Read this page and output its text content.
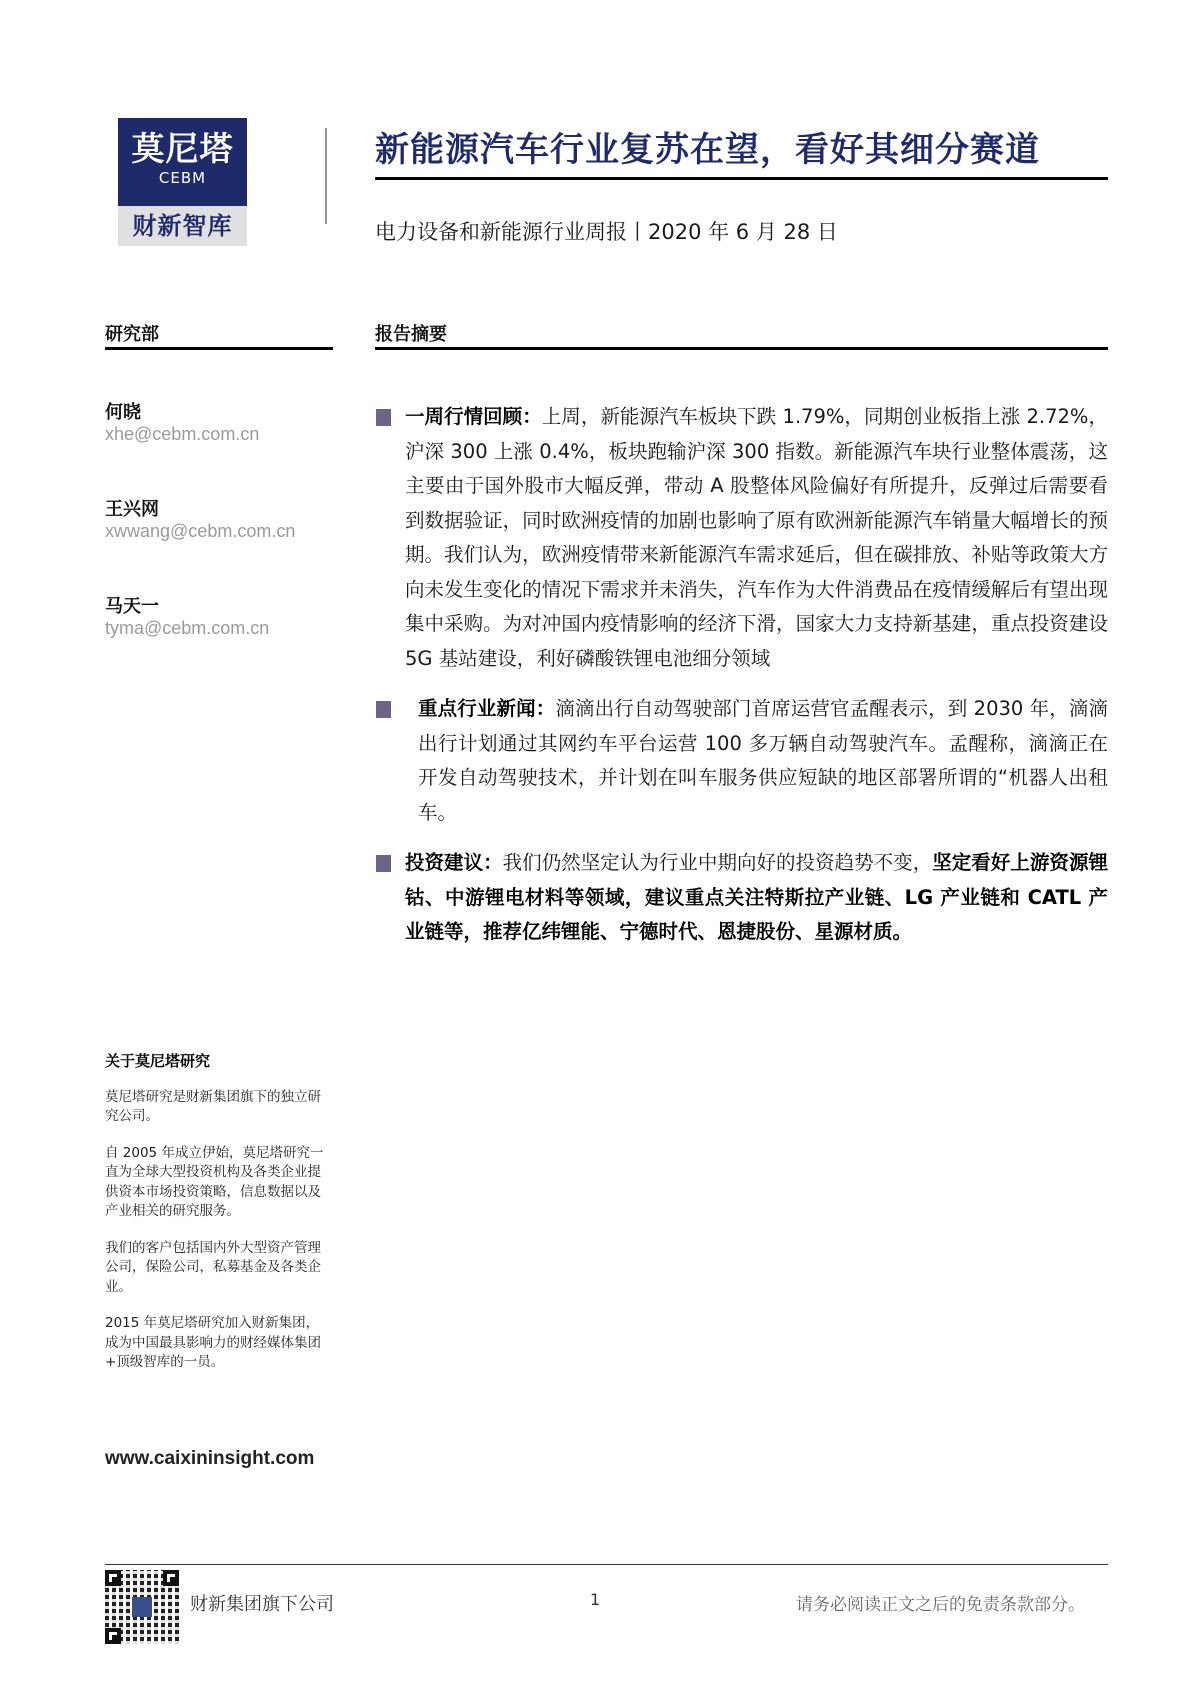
莫尼塔
CEBM
财新智库
新能源汽车行业复苏在望，看好其细分赛道
电力设备和新能源行业周报丨2020 年 6 月 28 日
研究部
何晓
xhe@cebm.com.cn
王兴网
xwwang@cebm.com.cn
马天一
tyma@cebm.com.cn
报告摘要
一周行情回顾：上周，新能源汽车板块下跌 1.79%，同期创业板指上涨 2.72%，沪深 300 上涨 0.4%，板块跑输沪深 300 指数。新能源汽车块行业整体震荡，这主要由于国外股市大幅反弹，带动 A 股整体风险偏好有所提升，反弹过后需要看到数据验证，同时欧洲疫情的加剧也影响了原有欧洲新能源汽车销量大幅增长的预期。我们认为，欧洲疫情带来新能源汽车需求延后，但在碳排放、补贴等政策大方向未发生变化的情况下需求并未消失，汽车作为大件消费品在疫情缓解后有望出现集中采购。为对冲国内疫情影响的经济下滑，国家大力支持新基建，重点投资建设 5G 基站建设，利好磷酸铁锂电池细分领域
重点行业新闻：滴滴出行自动驾驶部门首席运营官孟醒表示，到 2030 年，滴滴出行计划通过其网约车平台运营 100 多万辆自动驾驶汽车。孟醒称，滴滴正在开发自动驾驶技术，并计划在叫车服务供应短缺的地区部署所谓的“机器人出租车。
投资建议：我们仍然坚定认为行业中期向好的投资趋势不变，坚定看好上游资源锂钴、中游锂电材料等领域，建议重点关注特斯拉产业链、LG 产业链和 CATL 产业链等，推荐亿纬锂能、宁德时代、恩捷股份、星源材质。
关于莫尼塔研究
莫尼塔研究是财新集团旗下的独立研究公司。
自 2005 年成立伊始，莫尼塔研究一直为全球大型投资机构及各类企业提供资本市场投资策略，信息数据以及产业相关的研究服务。
我们的客户包括国内外大型资产管理公司，保险公司，私募基金及各类企业。
2015 年莫尼塔研究加入财新集团，成为中国最具影响力的财经媒体集团+顶级智库的一员。
www.caixininsight.com
财新集团旗下公司	1	请务必阅读正文之后的免责条款部分。
